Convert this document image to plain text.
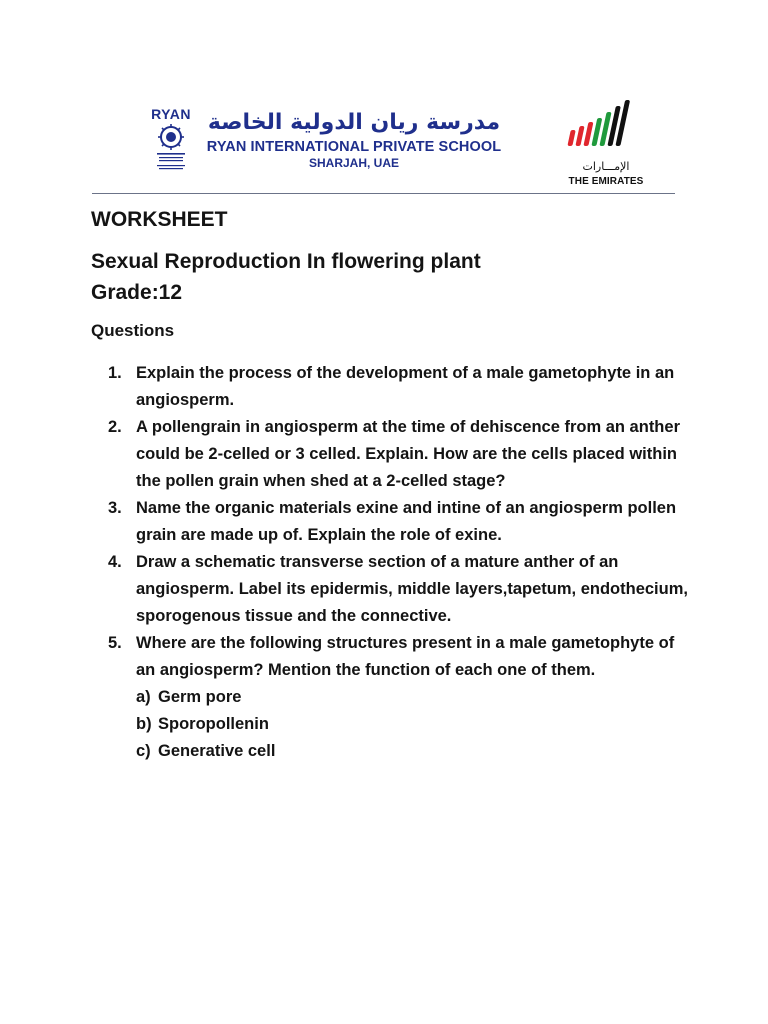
RYAN مدرسة ريان الدولية الخاصة
RYAN INTERNATIONAL PRIVATE SCHOOL
SHARJAH, UAE	الإمـــارات
THE EMIRATES
WORKSHEET
Sexual Reproduction In flowering plant
Grade:12
Questions
1. Explain the process of the development of a male gametophyte in an angiosperm.
2. A pollengrain in angiosperm at the time of dehiscence from an anther could be 2-celled or 3 celled. Explain. How are the cells placed within the pollen grain when shed at a 2-celled stage?
3. Name the organic materials exine and intine of an angiosperm pollen grain are made up of. Explain the role of exine.
4. Draw a schematic transverse section of a mature anther of an angiosperm. Label its epidermis, middle layers,tapetum, endothecium, sporogenous tissue and the connective.
5. Where are the following structures present in a male gametophyte of an angiosperm? Mention the function of each one of them.
a) Germ pore
b) Sporopollenin
c) Generative cell
